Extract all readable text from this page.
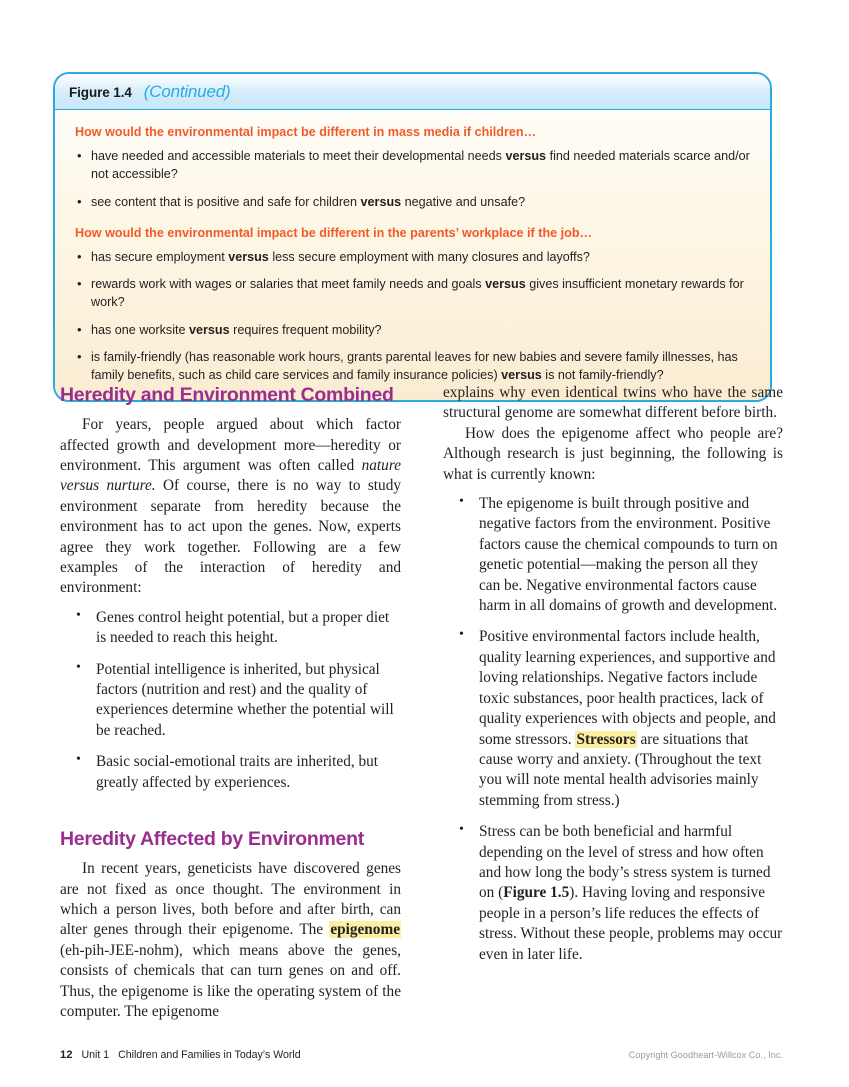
Figure 1.4 (Continued)
How would the environmental impact be different in mass media if children…
• have needed and accessible materials to meet their developmental needs versus find needed materials scarce and/or not accessible?
• see content that is positive and safe for children versus negative and unsafe?
How would the environmental impact be different in the parents’ workplace if the job…
• has secure employment versus less secure employment with many closures and layoffs?
• rewards work with wages or salaries that meet family needs and goals versus gives insufficient monetary rewards for work?
• has one worksite versus requires frequent mobility?
• is family-friendly (has reasonable work hours, grants parental leaves for new babies and severe family illnesses, has family benefits, such as child care services and family insurance policies) versus is not family-friendly?
Heredity and Environment Combined

For years, people argued about which factor affected growth and development more—heredity or environment. This argument was often called nature versus nurture. Of course, there is no way to study environment separate from heredity because the environment has to act upon the genes. Now, experts agree they work together. Following are a few examples of the interaction of heredity and environment:

• Genes control height potential, but a proper diet is needed to reach this height.
• Potential intelligence is inherited, but physical factors (nutrition and rest) and the quality of experiences determine whether the potential will be reached.
• Basic social-emotional traits are inherited, but greatly affected by experiences.
Heredity Affected by Environment

In recent years, geneticists have discovered genes are not fixed as once thought. The environment in which a person lives, both before and after birth, can alter genes through their epigenome. The epigenome (eh-pih-JEE-nohm), which means above the genes, consists of chemicals that can turn genes on and off. Thus, the epigenome is like the operating system of the computer. The epigenome

explains why even identical twins who have the same structural genome are somewhat different before birth.

How does the epigenome affect who people are? Although research is just beginning, the following is what is currently known:

• The epigenome is built through positive and negative factors from the environment. Positive factors cause the chemical compounds to turn on genetic potential—making the person all they can be. Negative environmental factors cause harm in all domains of growth and development.
• Positive environmental factors include health, quality learning experiences, and supportive and loving relationships. Negative factors include toxic substances, poor health practices, lack of quality experiences with objects and people, and some stressors. Stressors are situations that cause worry and anxiety. (Throughout the text you will note mental health advisories mainly stemming from stress.)
• Stress can be both beneficial and harmful depending on the level of stress and how often and how long the body’s stress system is turned on (Figure 1.5). Having loving and responsive people in a person’s life reduces the effects of stress. Without these people, problems may occur even in later life.
12 Unit 1 Children and Families in Today’s World	Copyright Goodheart-Willcox Co., Inc.
